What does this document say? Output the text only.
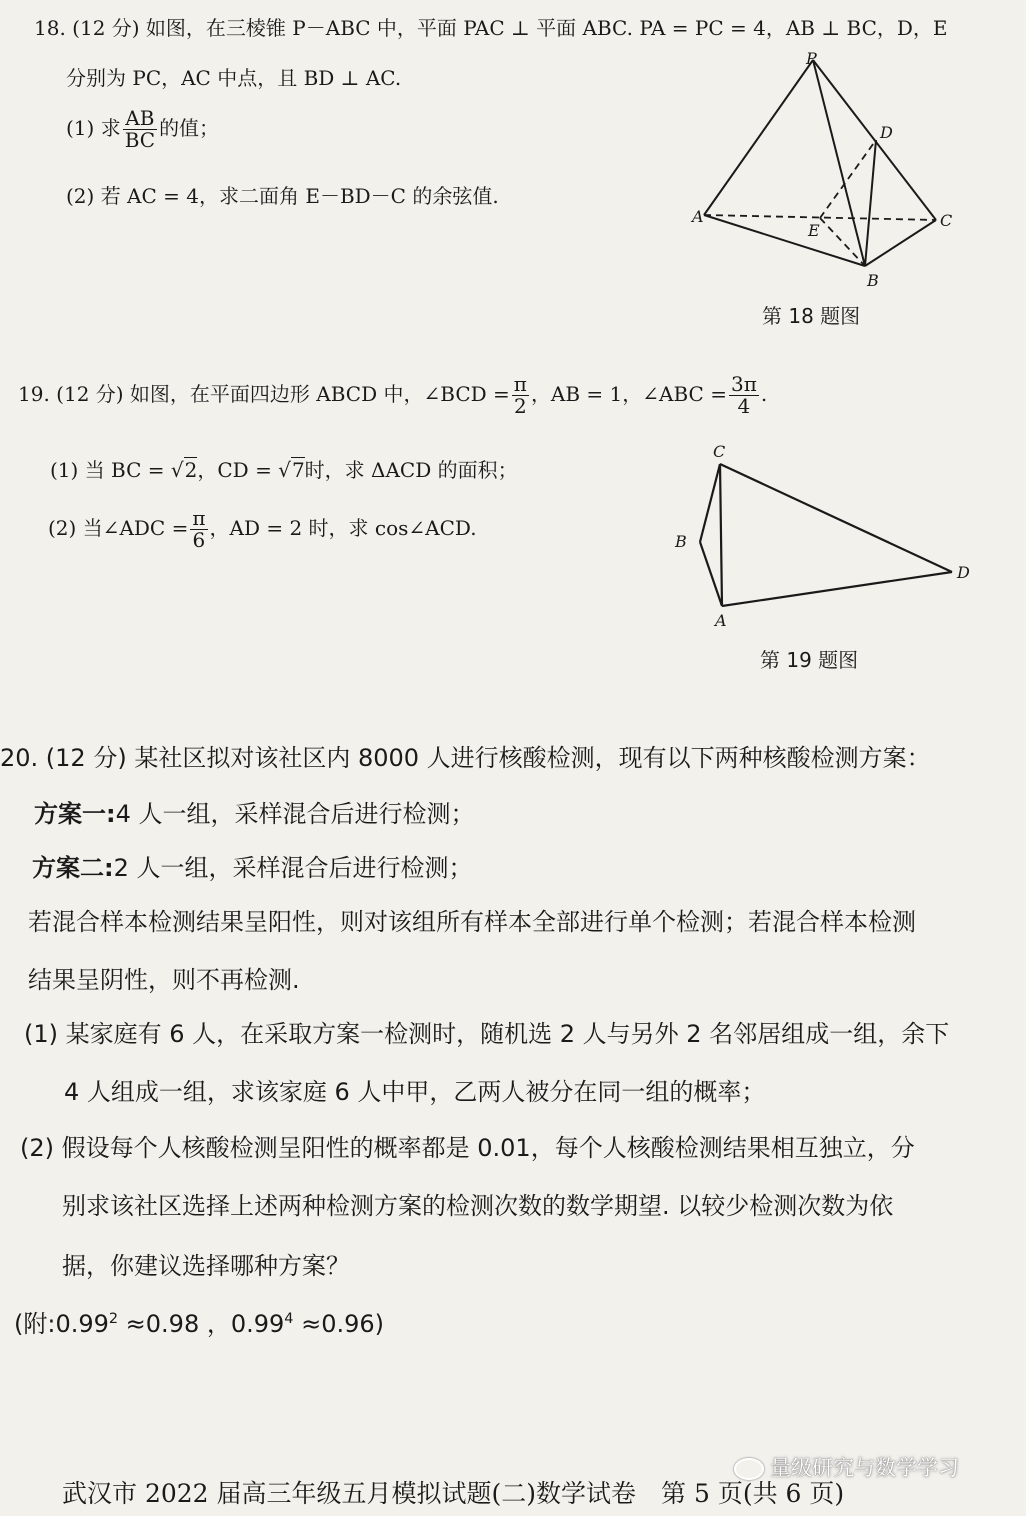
18. (12 分) 如图，在三棱锥 P－ABC 中，平面 PAC ⊥ 平面 ABC. PA = PC = 4，AB ⊥ BC，D，E
分别为 PC，AC 中点，且 BD ⊥ AC.
(1) 求 $\frac{AB}{BC}$ 的值；
(2) 若 AC = 4，求二面角 E－BD－C 的余弦值.
P
A	C
D
E
B
第 18 题图
19. (12 分) 如图，在平面四边形 ABCD 中，∠BCD = $\frac{\pi}{2}$ ，AB = 1，∠ABC = $\frac{3\pi}{4}$ .
(1) 当 BC = √2，CD = √7时，求 ΔACD 的面积；
(2) 当∠ADC = $\frac{\pi}{6}$ ，AD = 2 时，求 cos∠ACD.
C
B
D
A
第 19 题图
20. (12 分) 某社区拟对该社区内 8000 人进行核酸检测，现有以下两种核酸检测方案：
方案一:4 人一组，采样混合后进行检测；
方案二:2 人一组，采样混合后进行检测；
若混合样本检测结果呈阳性，则对该组所有样本全部进行单个检测；若混合样本检测
结果呈阴性，则不再检测.
(1) 某家庭有 6 人，在采取方案一检测时，随机选 2 人与另外 2 名邻居组成一组，余下
4 人组成一组，求该家庭 6 人中甲，乙两人被分在同一组的概率；
(2) 假设每个人核酸检测呈阳性的概率都是 0.01，每个人核酸检测结果相互独立，分
别求该社区选择上述两种检测方案的检测次数的数学期望. 以较少检测次数为依
据，你建议选择哪种方案？
(附$:0.99^2 \approx 0.98$ ，$0.99^4 \approx 0.96$)
量级研究与数学学习
武汉市 2022 届高三年级五月模拟试题(二)数学试卷　第 5 页(共 6 页)
